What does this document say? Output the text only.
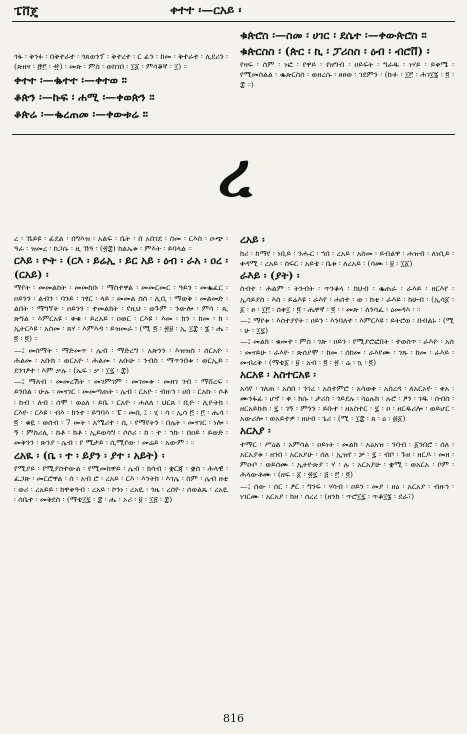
ፔቨጄ	ቀተተ ፡—ርአይ ፡

ጎፋ ፡ ቅንፉ ፡ በቅተራተ ፡ ጎጸወንፕ ፡ ቅተረተ ፡ ር ፊን ፡ ከመ ፡ ቅተራተ ፡ ሊደሪን ፡ (ጽዘና ፡ ፸፫ ፡ ፹) ፡ መጽ ፡ ምስ ፡ ወከገበ ፡ ፲፩ ፡ ምሳቖኛ ፡ ፲) ።

ቀተተ ፡—ቈተተ ፡—ቀተወ ።

ቆጵን ፡—ኩፍ ፡ ሐሚ ፡—ቀወጵን ።

ቆጵሬ ፡—ቈረጠመ ፡—ቀውቱሬ ።

ቁጵሮስ ፡—ስመ ፡ ሀገር ፡ ደሴተ ፡—ቀውጵሮስ ።

ቁጵርስስ ፡ (ጵር ፡ ኪ ፡ ፓሪስስ ፡ ዕብ ፡ ብሮቨ) ፡

የዛፍ ፡ ስም ፡ ነፎ ፡ የዋይ ፡ የዘግብ ፡ ዐይፍት ፡ ግራዱ ፡ ነሃይ ፡ ይቀሜ ፡ የሚመስልል ፡ ቈጵርስስ ፡ ወዘረሱ ፡ ፀፀወ ፡ ገደምን ፡ (ኩፉ ፡ ፲፫ ፡ ሕገ፲፮ ፡ ፬ ፡ ፰ ።)

ረ

ረ ፡ ኼይዩ ፡ ፊደል ፡ በግእዝ ፡ አልፍ ፡ ቤት ፡ በ አበገደ ፡ ስመ ፡ ርእስ ፡ ዑጭ ፡ ዓራ ፡ ዝመረ ፡ ከጋሱ ፡ ዚ ኽዓ ፡ (፳፰) ክልኤቱ ፡ ምእት ፡ ይባላል ።

ርእይ ፡ ዮት ፡ (ርእ ፡ ይሬኢ ፡ ይር አይ ፡ ዕብ ፡ ራአ ፡ ዐረ ፡ (ርአይ) ፡

ማየት ፡ መመልከት ፡ መመከቡ ፡ ማስተዋል ፡ መመርመር ፡ ዓይን ፡ መቈፈር ፡ ዐይንን ፡ ልብን ፡ ባንይ ፡ ገፃር ፡ ላይ ፡ መመል ስስ ፡ ሊቢ ፡ ማወቅ ፡ መልመድ ፡ ልበት ፡ ማግኘት ፡ ዐይንን ፡ ተመልክት ፡ የዚህ ፡ ወጉም ፡ ንውሎ ፡ ምሳ ፡ ጺ ጽግል ፡ እምርአዩ ፡ ቀቁ ፡ ይረአይ ፡ ዐወር ፡ ርእዩ ፡ እመ ፡ ክን ፡ ከመ ፡ ክ ፡ ኢትርእዩ ፡ አስመ ፡ ጸሃ ፡ እምእዳ ፡ ይዝመራ ፡ (ሚ ፬ ፡ ፳፱ ፡ ኢ ፲፰ ፡ ፮ ፡ ሔ ፡ ፬ ፡ ፬) ።

—፤ መስማት ፡ ማድመጥ ፡ ሌብ ፡ ማድረግ ፡ አጽንን ፡ እዝዝስ ፡ ሰርአዮ ፡ ሕልመ ፡ አቡክ ፡ ወርአዮ ፡ ሕልመ ፡ አቡሁ ፡ ንብስ ፡ ማጥንበቱ ፡ ወርኢይ ፡ ደንገፆተ ፡ እም ቃሉ ፡ (ኤፍ ፡ ቃ ፡ ፲፯ ፡ ፰)

—፤ ማለብ ፡ መመረሽት ፡ መገምገም ፡ መገመቱ ፡ መዘገ ገብ ፡ ማሸረፍ ፡ ይንበል ፡ ሁሉ ፡ መናገር ፡ መመጣጠት ፡ ሌብ ፡ ርአዮ ፡ ብዙኅ ፡ ሀበ ፡ ርአኩ ፡ ሶቶ ፡ ከብ ፡ ለብ ፡ ሰሞ ፡ ወዕለ ፡ ይቤ ፡ ርአዮ ፡ ሐለለ ፡ ህርጸ ፡ ቢዮ ፡ ሊዮትክ ፡ ርእዮ ፡ ርእዩ ፡ ብእ ፡ ክንተ ፡ ይግባእ ፡ ፔ ፡ መቢ ፤ ፡ ሂ ፡ ሳ ፡ ኢሳ ፫ ፡ ፫ ፡ ሔሳ ፡ ፬ ፡ ቁዬ ፡ ወሰብ ፡ 7 መት ፡ አሜሪተ ፡ ሲ ፡ የማየትን ፡ በሌት ፡ መናገር ፡ ነሎ ፡ ኝ ፡ ምስሪሊ ፡ ከቶ ፡ ክቶ ፡ ኢይወሳግ ፡ ሶሶሪ ፡ ከ ፡ ተ ፡ ኅኩ ፡ በዐይ ፡ ይወድ ፡ መቅንን ፡ ጽንያ ፡ ሌብ ፡ የ ሚታይ ፡ ሲሚየው ፡ መሬይ ፡ አውም ፡ ።

ረአዪ ፡ (ቤ ፡ ተ ፡ ይያን ፡ ያተ ፡ አይት) ፡

የሚያይ ፡ የሚያስተውል ፡ የሚመከዋይ ፡ ሌብ ፡ ክሳብ ፡ ቋርጃ ፡ ቋስ ፡ ሕላዊ ፡ ፈጋጽ ፡ መርሮዋል ፡ ሰ ፡ አብ ሮ ፡ ረአይ ፡ ርእ ፡ እንትክ ፡ እገሌ ፡ ስም ፡ ሌብ ዘቲ ፡ ወሪ ፡ ረአይይ ፡ ክዋቀዓብ ፡ ረአይ ፡ ኮንነ ፡ ረአዪ ፡ ጎዜ ፡ ረሰዮ ፡ ሰወልጼ ፡ ረአዪ ፡ ሰቤተ ፡ መቅደስ ፡ (ማቴ፲፯ ፡ ፰ ፡ ሔ ፡ ኦሪ ፡ ፱ ፡ ፲፭ ፡ ፰)

ረአይ ፡

ክሪ ፡ ከማየ ፡ ነቢይ ፡ ንሑር ፡ ኀበ ፡ ረአይ ፡ አስመ ፡ ይብልዋ ፡ ሐዝብ ፡ ለነቢይ ፡ ቀዳሚ ፡ ረአይ ፡ ስፍር ፡ አይቴ ፡ ቤቱ ፡ ለረአይ ፡ (ሳሙ ፡ ፱ ፡ ፲፩)

ራእይ ፡ (ያት) ፡

ስብተ ፡ ሕልም ፡ ትንብት ፡ ጥንቆላ ፡ ክህብ ፡ ቈጠራ ፡ ራእይ ፡ ዘርእየ ፡ ኢሳይያስ ፡ እስ ፡ ይሬእዩ ፡ ራእየ ፡ ሐሰተ ፡ ወ ፡ ክቲ ፡ ራእይ ፡ ክሁብ ፡ (ኢሳ፩ ፡ ፩ ፡ ፀ ፡ ፲፫ ፡ ሰቀ፲ ፡ ፬ ፡ ሔዋኛ ፡ ፬ ፡ ፡ መጽ ፡ ለንሳፈ ፡ ዕመዳእ ፡ ።

—፤ ማየቱ ፡ እስተያየት ፡ ዐይን ፡ እንባለተ ፡ እምርእዩ ፡ ይትሮወ ፡ በብልኑ ፡ (ሚ ፡ ሁ ፡ ፲፯)

—፤ መልክ ፡ ቁመተ ፡ ምስ ፡ ገጽ ፡ ዐይን ፡ የሚያሮፎበት ፡ ተወስጥ ፡ ራእዮ ፡ አስ ፡ መናይሁ ፡ ራእዮ ፡ ጽሰያሞ ፡ ከመ ፡ ሰከመ ፡ ራእየሙ ፡ ገጹ ፡ ከመ ፡ ራእይ ፡ መብረቅ ፡ (ማቴ፩ ፡ ፱ ፡ አብ ፡ ፬ ፡ ፳ ፡ ሬ ፡ ኳ ፡ ፬)

አርአዩ ፡ አስተርአዩ ፡

አሳየ ፡ ገለጠ ፡ አስበ ፡ ንገረ ፡ አስተምሮ ፡ አሳወቀ ፡ አስረዳ ፡ ለአርኦዮ ፡ ቀአ ፡ ሙንፋፊ ፡ ሆኖ ፡ ቀ ፡ ክሱ ፡ ታሪስ ፡ ጎይደሉ ፡ ሳዕሉክ ፡ ሉሮ ፡ ፆን ፡ ገዱ ፡ ሰብስ ፡ ዘርአይኩክ ፡ ፯ ፡ ገኝ ፡ ምንን ፡ ይቡተ ፡ ዘአስተር ፡ ፯ ፡ ዐ ፡ ዘርዱሪሎ ፡ ወይሆር ፡ አውሪሎ ፡ ወአይተዎ ፡ ዘሀብ ፡ ጌሪ ፡ (ሚ ፡ ፲፰ ፡ ጸ ፡ ዕ ፡ ፴፩)

አርአያ ፡

ተማር ፡ ሥዕል ፡ አምሳል ፡ ዐይነት ፡ መልክ ፡ አዕአዝ ፡ ንባብ ፡ ፩ንበሮ ፡ ሰለ ፡ አርአያቱ ፡ ዘንበ ፡ አርአያሁ ፡ ሰለ ፡ ኢዝየ ፡ ቻ ፡ ፯ ፡ ብቦ ፡ ጉዘ ፡ ዘርዶ ፡ መዘ ፡ ምዑቦ ፡ ወይሰሙ ፡ ኢትዮጵያ ፡ ሃ ፡ ሉ ፡ አርአያሁ ፡ ቋሚ ፡ ወአርአ ፡ ቦም ፡ ሕላውቶሙ ፡ (ዘፍ ፡ ፩ ፡ ፳፯ ፡ ፭ ፡ ፫ ፡ ፬)

—፤ ሰው ፡ ሰር ፡ ፆር ፡ ግንፍ ፡ ሃሳብ ፡ ዐይን ፡ መያ ፡ ዘዕ ፡ አርአያ ፡ ብዙኅ ፡ ነገርሙ ፡ አርአያ ፡ ክዘ ፡ ሰረረ ፡ (ዘንክ ፡ ጥሮ፲፯ ፡ ጥቆ፲፮ ፡ ደራ፣)

816
